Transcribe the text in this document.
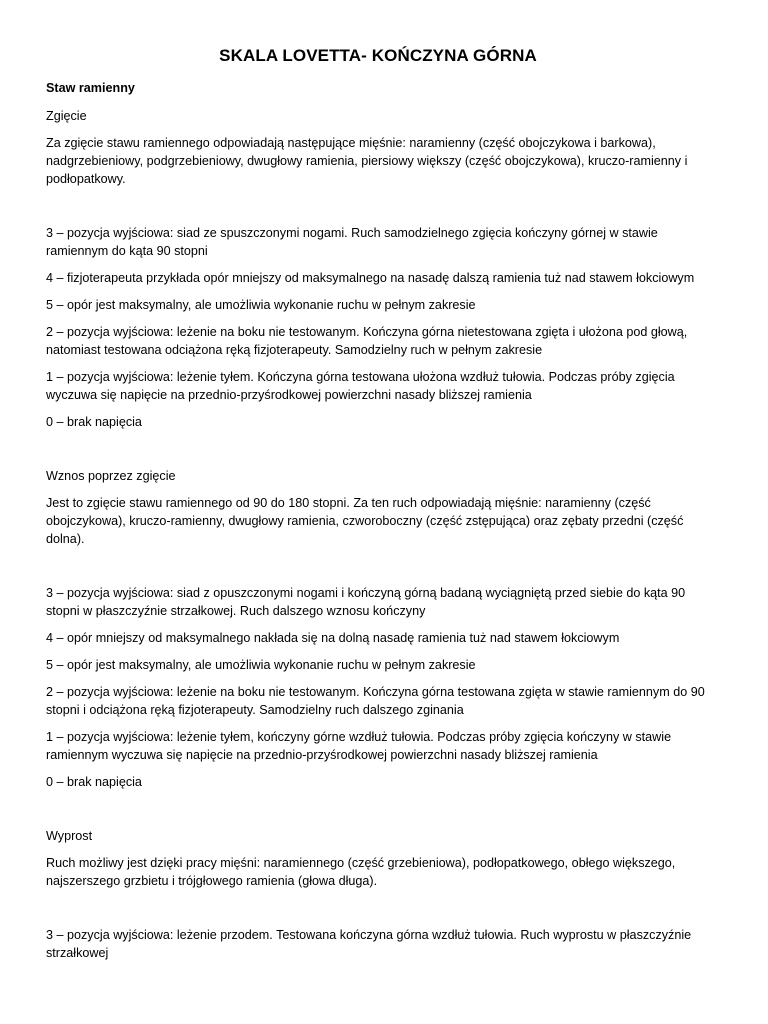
SKALA LOVETTA- KOŃCZYNA GÓRNA

Staw ramienny

Zgięcie

Za zgięcie stawu ramiennego odpowiadają następujące mięśnie: naramienny (część obojczykowa i barkowa), nadgrzebieniowy, podgrzebieniowy, dwugłowy ramienia, piersiowy większy (część obojczykowa), kruczo-ramienny i podłopatkowy.

3 – pozycja wyjściowa: siad ze spuszczonymi nogami. Ruch samodzielnego zgięcia kończyny górnej w stawie ramiennym do kąta 90 stopni

4 – fizjoterapeuta przykłada opór mniejszy od maksymalnego na nasadę dalszą ramienia tuż nad stawem łokciowym

5 – opór jest maksymalny, ale umożliwia wykonanie ruchu w pełnym zakresie

2 – pozycja wyjściowa: leżenie na boku nie testowanym. Kończyna górna nietestowana zgięta i ułożona pod głową, natomiast testowana odciążona ręką fizjoterapeuty. Samodzielny ruch w pełnym zakresie

1 – pozycja wyjściowa: leżenie tyłem. Kończyna górna testowana ułożona wzdłuż tułowia. Podczas próby zgięcia wyczuwa się napięcie na przednio-przyśrodkowej powierzchni nasady bliższej ramienia

0 – brak napięcia

Wznos poprzez zgięcie

Jest to zgięcie stawu ramiennego od 90 do 180 stopni. Za ten ruch odpowiadają mięśnie: naramienny (część obojczykowa), kruczo-ramienny, dwugłowy ramienia, czworoboczny (część zstępująca) oraz zębaty przedni (część dolna).

3 – pozycja wyjściowa: siad z opuszczonymi nogami i kończyną górną badaną wyciągniętą przed siebie do kąta 90 stopni w płaszczyźnie strzałkowej. Ruch dalszego wznosu kończyny

4 – opór mniejszy od maksymalnego nakłada się na dolną nasadę ramienia tuż nad stawem łokciowym

5 – opór jest maksymalny, ale umożliwia wykonanie ruchu w pełnym zakresie

2 – pozycja wyjściowa: leżenie na boku nie testowanym. Kończyna górna testowana zgięta w stawie ramiennym do 90 stopni i odciążona ręką fizjoterapeuty. Samodzielny ruch dalszego zginania

1 – pozycja wyjściowa: leżenie tyłem, kończyny górne wzdłuż tułowia. Podczas próby zgięcia kończyny w stawie ramiennym wyczuwa się napięcie na przednio-przyśrodkowej powierzchni nasady bliższej ramienia

0 – brak napięcia

Wyprost

Ruch możliwy jest dzięki pracy mięśni: naramiennego (część grzebieniowa), podłopatkowego, obłego większego, najszerszego grzbietu i trójgłowego ramienia (głowa długa).

3 – pozycja wyjściowa: leżenie przodem. Testowana kończyna górna wzdłuż tułowia. Ruch wyprostu w płaszczyźnie strzałkowej
